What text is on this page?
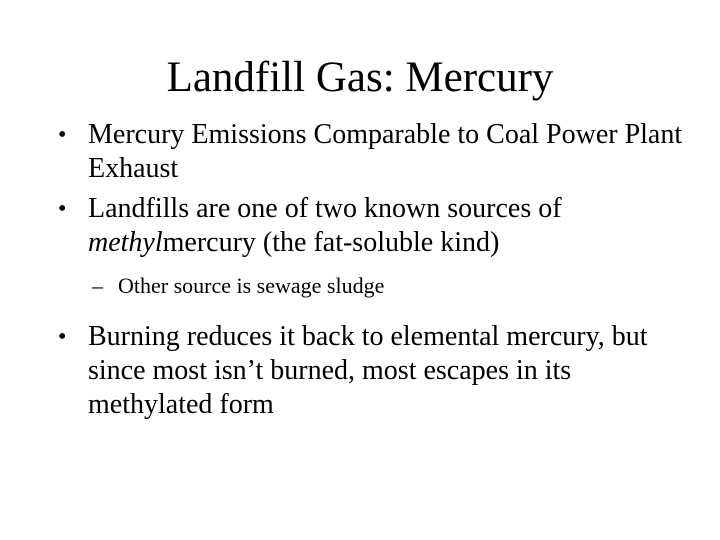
Landfill Gas: Mercury
• Mercury Emissions Comparable to Coal Power Plant Exhaust
• Landfills are one of two known sources of methylmercury (the fat-soluble kind)
– Other source is sewage sludge
• Burning reduces it back to elemental mercury, but since most isn’t burned, most escapes in its methylated form
